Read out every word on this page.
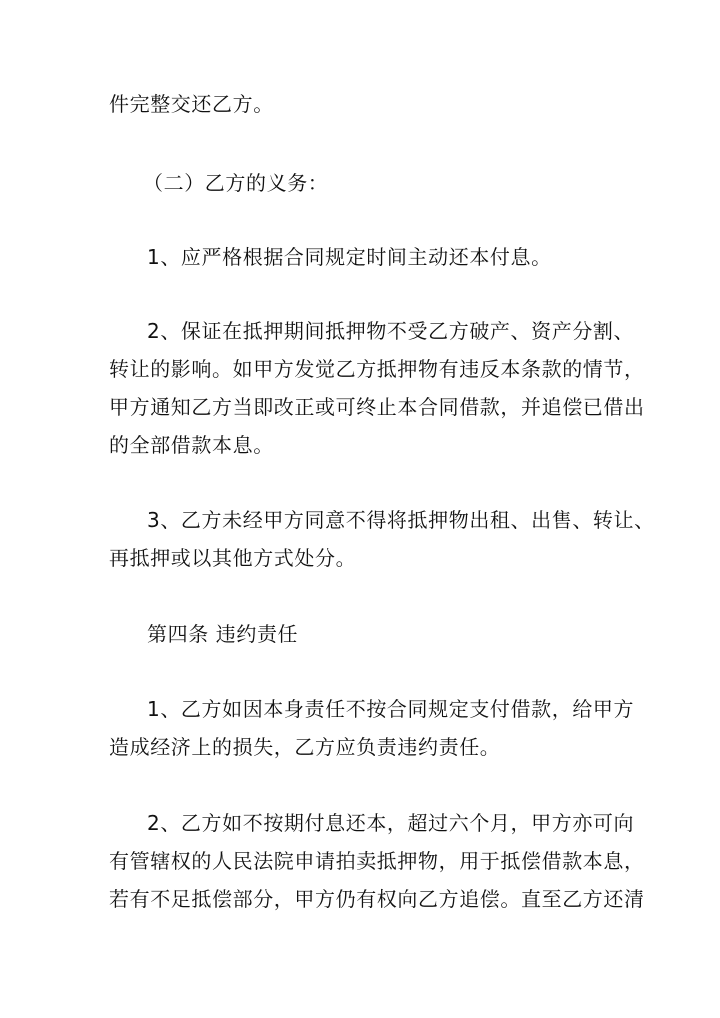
件完整交还乙方。
（二）乙方的义务：
1、应严格根据合同规定时间主动还本付息。
2、保证在抵押期间抵押物不受乙方破产、资产分割、
转让的影响。如甲方发觉乙方抵押物有违反本条款的情节，
甲方通知乙方当即改正或可终止本合同借款，并追偿已借出
的全部借款本息。
3、乙方未经甲方同意不得将抵押物出租、出售、转让、
再抵押或以其他方式处分。
第四条 违约责任
1、乙方如因本身责任不按合同规定支付借款，给甲方
造成经济上的损失，乙方应负责违约责任。
2、乙方如不按期付息还本，超过六个月，甲方亦可向
有管辖权的人民法院申请拍卖抵押物，用于抵偿借款本息，
若有不足抵偿部分，甲方仍有权向乙方追偿。直至乙方还清
